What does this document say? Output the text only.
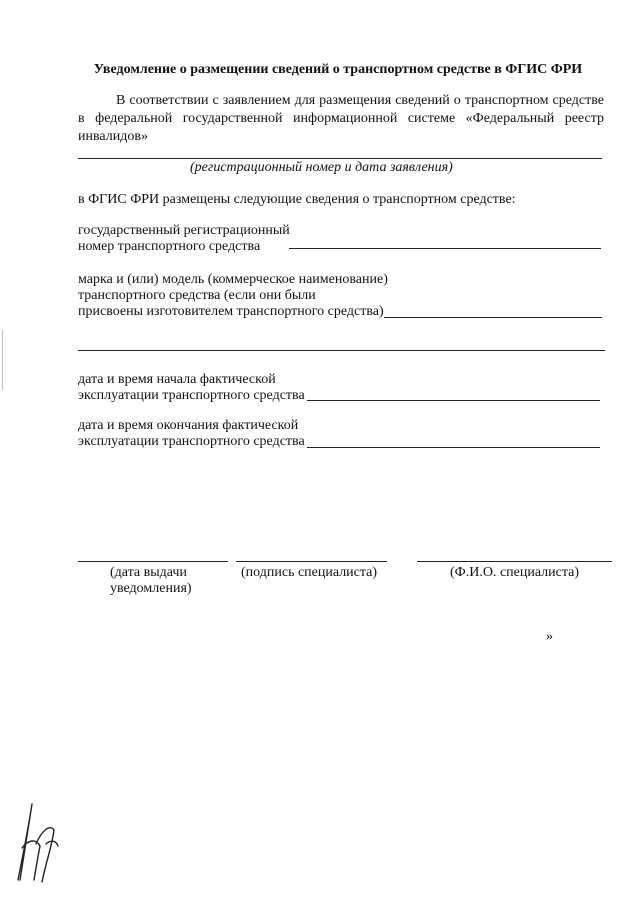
Уведомление о размещении сведений о транспортном средстве в ФГИС ФРИ
В соответствии с заявлением для размещения сведений о транспортном средстве в федеральной государственной информационной системе «Федеральный реестр инвалидов»
(регистрационный номер и дата заявления)
в ФГИС ФРИ размещены следующие сведения о транспортном средстве:
государственный регистрационный
номер транспортного средства
марка и (или) модель (коммерческое наименование)
транспортного средства (если они были
присвоены изготовителем транспортного средства)
дата и время начала фактической
эксплуатации транспортного средства
дата и время окончания фактической
эксплуатации транспортного средства
(дата выдачи
уведомления)
(подпись специалиста)	(Ф.И.О. специалиста)
»
